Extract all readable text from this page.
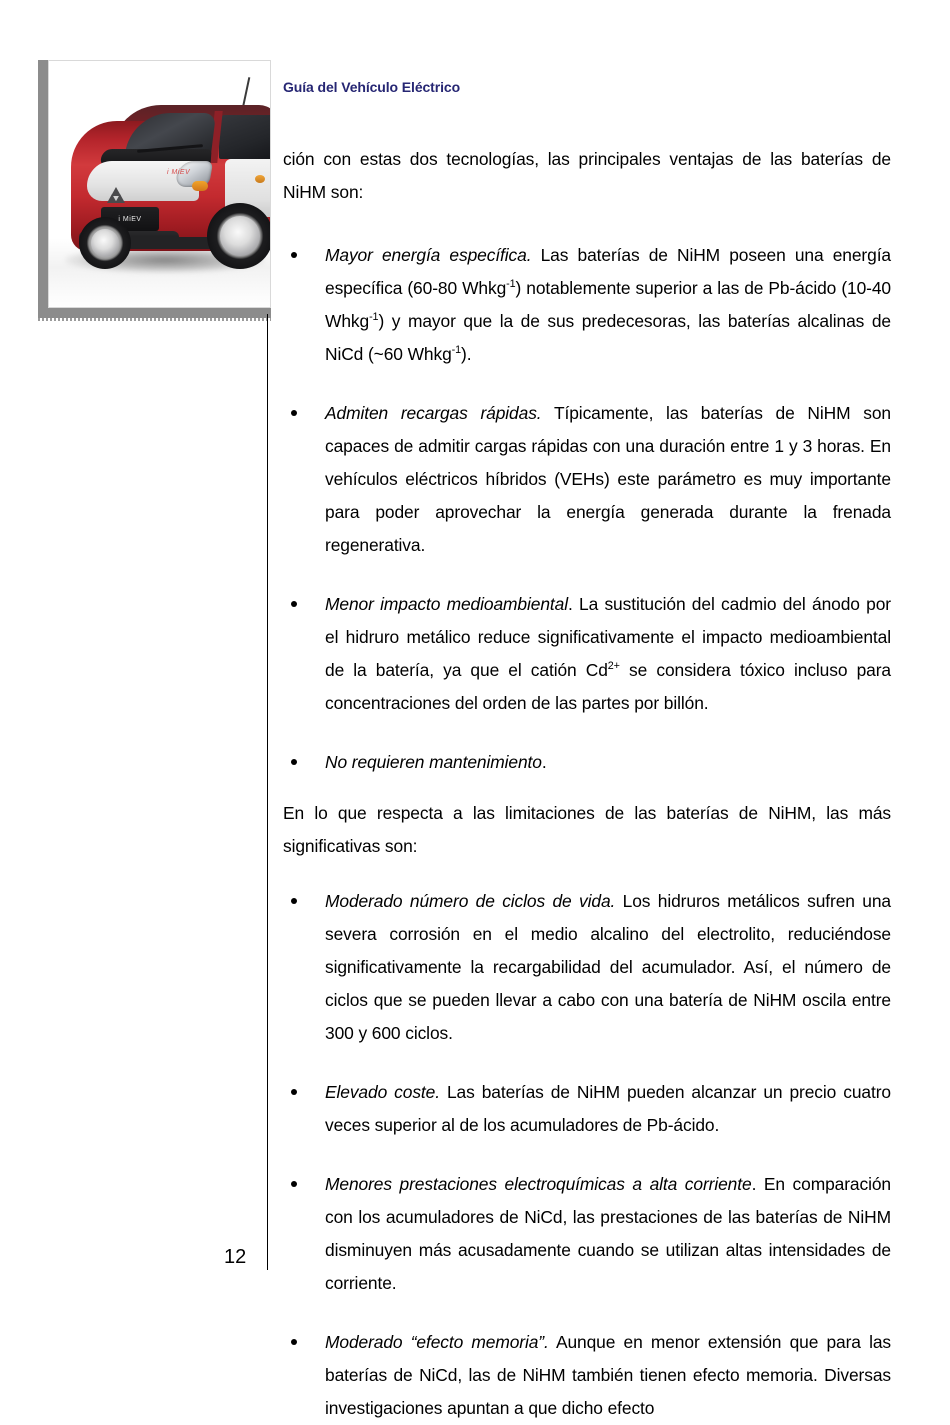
i MiEV
i MiEV
Guía del Vehículo Eléctrico

ción con estas dos tecnologías, las principales ventajas de las baterías de NiHM son:

Mayor energía específica. Las baterías de NiHM poseen una energía específica (60-80 Whkg$^{-1}$) notablemente superior a las de Pb-ácido (10-40 Whkg$^{-1}$) y mayor que la de sus predecesoras, las baterías alcalinas de NiCd (~60 Whkg$^{-1}$).
Admiten recargas rápidas. Típicamente, las baterías de NiHM son capaces de admitir cargas rápidas con una duración entre 1 y 3 horas. En vehículos eléctricos híbridos (VEHs) este parámetro es muy importante para poder aprovechar la energía generada durante la frenada regenerativa.
Menor impacto medioambiental. La sustitución del cadmio del ánodo por el hidruro metálico reduce significativamente el impacto medioambiental de la batería, ya que el catión $Cd^{2+}$ se considera tóxico incluso para concentraciones del orden de las partes por billón.
No requieren mantenimiento.

En lo que respecta a las limitaciones de las baterías de NiHM, las más significativas son:

Moderado número de ciclos de vida. Los hidruros metálicos sufren una severa corrosión en el medio alcalino del electrolito, reduciéndose significativamente la recargabilidad del acumulador. Así, el número de ciclos que se pueden llevar a cabo con una batería de NiHM oscila entre 300 y 600 ciclos.
Elevado coste. Las baterías de NiHM pueden alcanzar un precio cuatro veces superior al de los acumuladores de Pb-ácido.
Menores prestaciones electroquímicas a alta corriente. En comparación con los acumuladores de NiCd, las prestaciones de las baterías de NiHM disminuyen más acusadamente cuando se utilizan altas intensidades de corriente.
Moderado “efecto memoria”. Aunque en menor extensión que para las baterías de NiCd, las de NiHM también tienen efecto memoria. Diversas investigaciones apuntan a que dicho efecto
12
